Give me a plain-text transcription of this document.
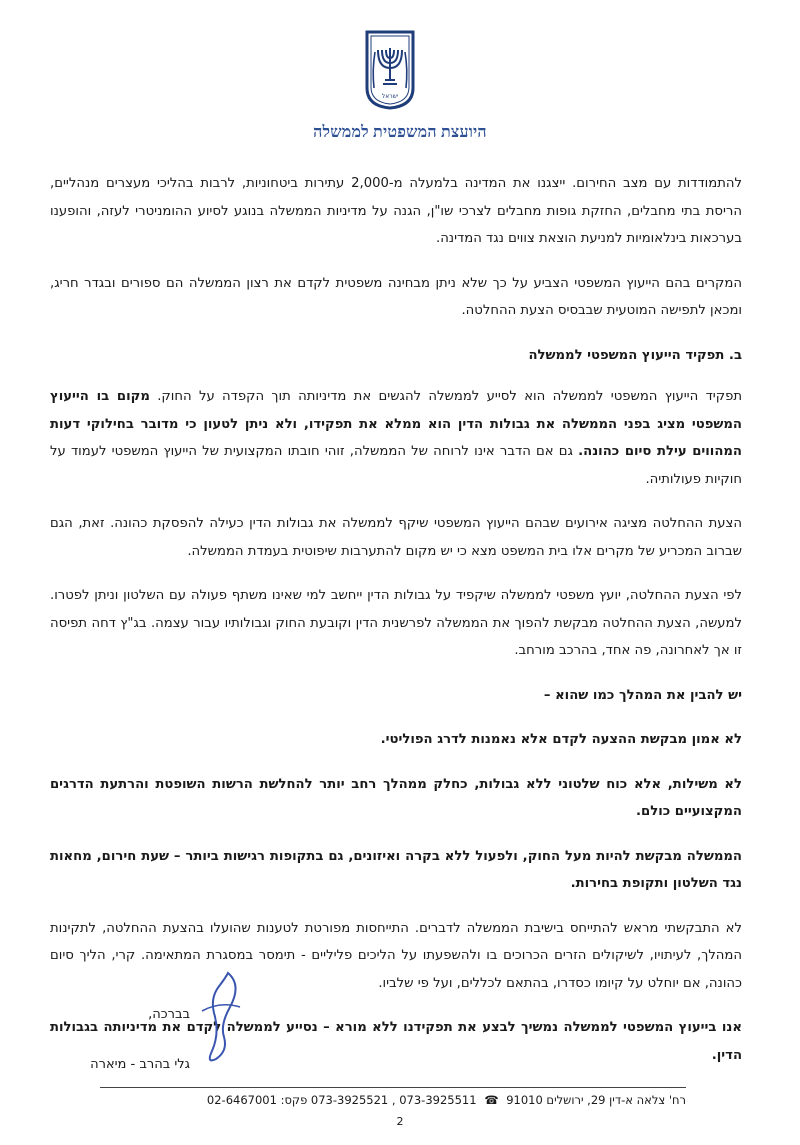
ישראל
היועצת המשפטית לממשלה

להתמודדות עם מצב החירום. ייצגנו את המדינה בלמעלה מ-2,000 עתירות ביטחוניות, לרבות בהליכי מעצרים מנהליים, הריסת בתי מחבלים, החזקת גופות מחבלים לצרכי שו"ן, הגנה על מדיניות הממשלה בנוגע לסיוע ההומניטרי לעזה, והופענו בערכאות בינלאומיות למניעת הוצאת צווים נגד המדינה.

המקרים בהם הייעוץ המשפטי הצביע על כך שלא ניתן מבחינה משפטית לקדם את רצון הממשלה הם ספורים ובגדר חריג, ומכאן לתפישה המוטעית שבבסיס הצעת ההחלטה.

ב. תפקיד הייעוץ המשפטי לממשלה

תפקיד הייעוץ המשפטי לממשלה הוא לסייע לממשלה להגשים את מדיניותה תוך הקפדה על החוק. מקום בו הייעוץ המשפטי מציג בפני הממשלה את גבולות הדין הוא ממלא את תפקידו, ולא ניתן לטעון כי מדובר בחילוקי דעות המהווים עילת סיום כהונה. גם אם הדבר אינו לרוחה של הממשלה, זוהי חובתו המקצועית של הייעוץ המשפטי לעמוד על חוקיות פעולותיה.

הצעת ההחלטה מציגה אירועים שבהם הייעוץ המשפטי שיקף לממשלה את גבולות הדין כעילה להפסקת כהונה. זאת, הגם שברוב המכריע של מקרים אלו בית המשפט מצא כי יש מקום להתערבות שיפוטית בעמדת הממשלה.

לפי הצעת ההחלטה, יועץ משפטי לממשלה שיקפיד על גבולות הדין ייחשב למי שאינו משתף פעולה עם השלטון וניתן לפטרו. למעשה, הצעת ההחלטה מבקשת להפוך את הממשלה לפרשנית הדין וקובעת החוק וגבולותיו עבור עצמה. בג"ץ דחה תפיסה זו אך לאחרונה, פה אחד, בהרכב מורחב.

יש להבין את המהלך כמו שהוא –

לא אמון מבקשת ההצעה לקדם אלא נאמנות לדרג הפוליטי.

לא משילות, אלא כוח שלטוני ללא גבולות, כחלק ממהלך רחב יותר להחלשת הרשות השופטת והרתעת הדרגים המקצועיים כולם.

הממשלה מבקשת להיות מעל החוק, ולפעול ללא בקרה ואיזונים, גם בתקופות רגישות ביותר – שעת חירום, מחאות נגד השלטון ותקופת בחירות.

לא התבקשתי מראש להתייחס בישיבת הממשלה לדברים. התייחסות מפורטת לטענות שהועלו בהצעת ההחלטה, לתקינות המהלך, לעיתויו, לשיקולים הזרים הכרוכים בו ולהשפעתו על הליכים פליליים - תימסר במסגרת המתאימה. קרי, הליך סיום כהונה, אם יוחלט על קיומו כסדרו, בהתאם לכללים, ועל פי שלביו.

אנו בייעוץ המשפטי לממשלה נמשיך לבצע את תפקידנו ללא מורא – נסייע לממשלה לקדם את מדיניותה בגבולות הדין.

בברכה,
גלי בהרב - מיארה
רח' צלאה א-דין 29, ירושלים 91010 ☎ 073-3925511 , 073-3925521 פקס: 02-6467001
2
